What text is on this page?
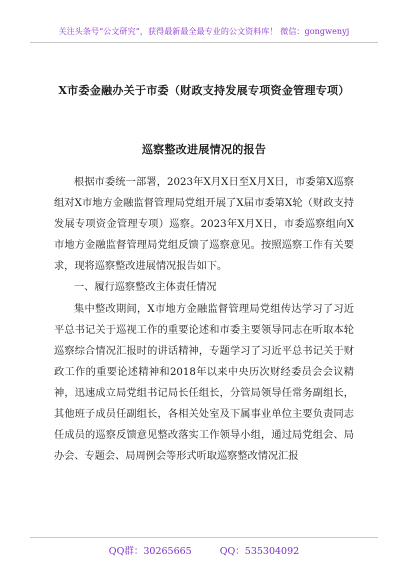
关注头条号“公文研究”，获得最新最全最专业的公文资料库！ 微信：gongwenyj
X市委金融办关于市委（财政支持发展专项资金管理专项）
巡察整改进展情况的报告

根据市委统一部署，2023年X月X日至X月X日，市委第X巡察组对X市地方金融监督管理局党组开展了X届市委第X轮（财政支持发展专项资金管理专项）巡察。2023年X月X日，市委巡察组向X市地方金融监督管理局党组反馈了巡察意见。按照巡察工作有关要求，现将巡察整改进展情况报告如下。

一、履行巡察整改主体责任情况

集中整改期间，X市地方金融监督管理局党组传达学习了习近平总书记关于巡视工作的重要论述和市委主要领导同志在听取本轮巡察综合情况汇报时的讲话精神，专题学习了习近平总书记关于财政工作的重要论述精神和2018年以来中央历次财经委员会会议精神，迅速成立局党组书记局长任组长，分管局领导任常务副组长，其他班子成员任副组长，各相关处室及下属事业单位主要负责同志任成员的巡察反馈意见整改落实工作领导小组，通过局党组会、局办会、专题会、局周例会等形式听取巡察整改情况汇报

QQ群：30265665	QQ：535304092
